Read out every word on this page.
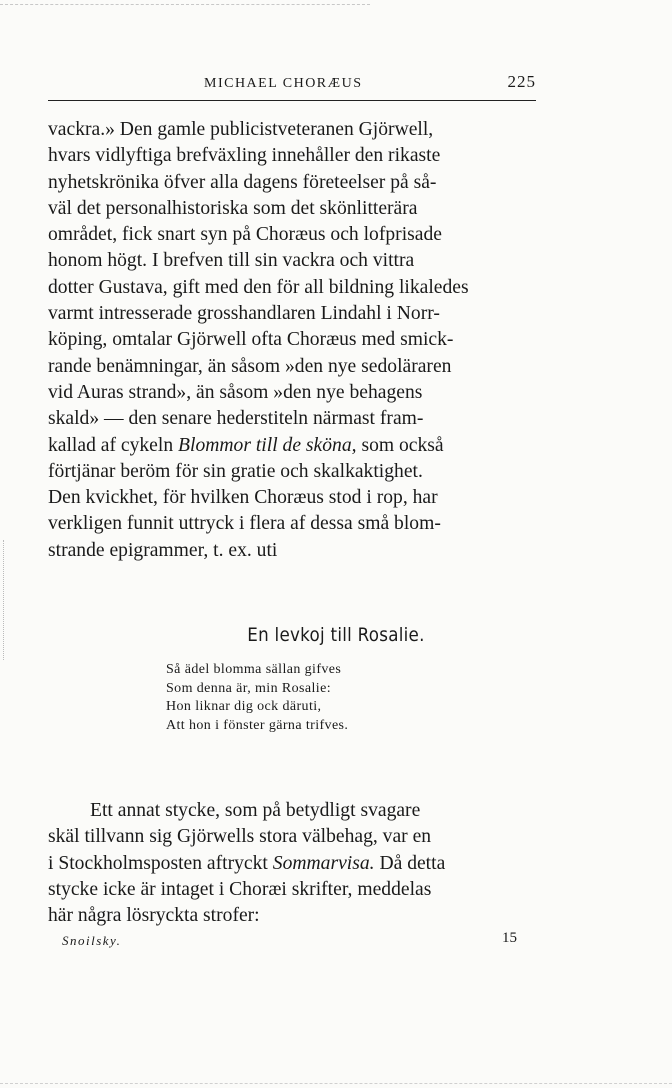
MICHAEL CHORÆUS	225
vackra.» Den gamle publicistveteranen Gjörwell,
hvars vidlyftiga brefväxling innehåller den rikaste
nyhetskrönika öfver alla dagens företeelser på så-
väl det personalhistoriska som det skönlitterära
området, fick snart syn på Choræus och lofprisade
honom högt. I brefven till sin vackra och vittra
dotter Gustava, gift med den för all bildning likaledes
varmt intresserade grosshandlaren Lindahl i Norr-
köping, omtalar Gjörwell ofta Choræus med smick-
rande benämningar, än såsom »den nye sedoläraren
vid Auras strand», än såsom »den nye behagens
skald» — den senare hederstiteln närmast fram-
kallad af cykeln Blommor till de sköna, som också
förtjänar beröm för sin gratie och skalkaktighet.
Den kvickhet, för hvilken Choræus stod i rop, har
verkligen funnit uttryck i flera af dessa små blom-
strande epigrammer, t. ex. uti
En levkoj till Rosalie.
Så ädel blomma sällan gifves
Som denna är, min Rosalie:
Hon liknar dig ock däruti,
Att hon i fönster gärna trifves.
Ett annat stycke, som på betydligt svagare
skäl tillvann sig Gjörwells stora välbehag, var en
i Stockholmsposten aftryckt Sommarvisa. Då detta
stycke icke är intaget i Choræi skrifter, meddelas
här några lösryckta strofer:
Snoilsky.	15
